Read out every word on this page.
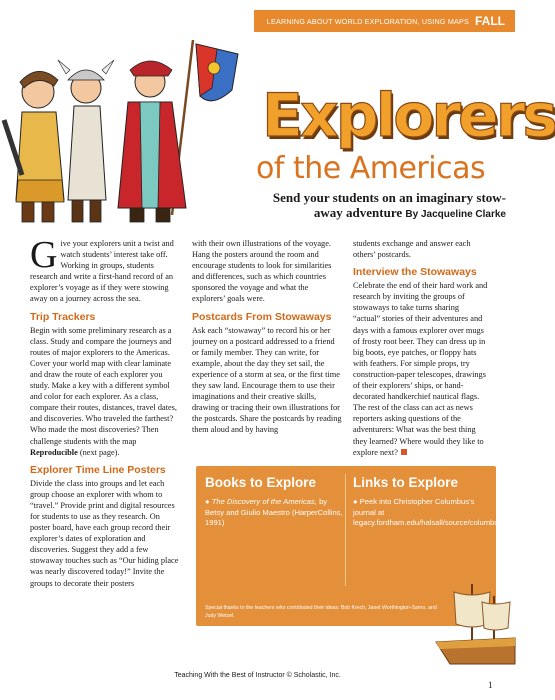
LEARNING ABOUT WORLD EXPLORATION, USING MAPS FALL
Explorers
of the Americas
Send your students on an imaginary stow-away adventure By Jacqueline Clarke

Give your explorers unit a twist and watch students’ interest take off. Working in groups, students research and write a first-hand record of an explorer’s voyage as if they were stowing away on a journey across the sea.

Trip Trackers

Begin with some preliminary research as a class. Study and compare the journeys and routes of major explorers to the Americas. Cover your world map with clear laminate and draw the route of each explorer you study. Make a key with a different symbol and color for each explorer. As a class, compare their routes, distances, travel dates, and discoveries. Who traveled the farthest? Who made the most discoveries? Then challenge students with the map Reproducible (next page).

Explorer Time Line Posters

Divide the class into groups and let each group choose an explorer with whom to “travel.” Provide print and digital resources for students to use as they research. On poster board, have each group record their explorer’s dates of exploration and discoveries. Suggest they add a few stowaway touches such as “Our hiding place was nearly discovered today!” Invite the groups to decorate their posters

with their own illustrations of the voyage. Hang the posters around the room and encourage students to look for similarities and differences, such as which countries sponsored the voyage and what the explorers’ goals were.

Postcards From Stowaways

Ask each “stowaway” to record his or her journey on a postcard addressed to a friend or family member. They can write, for example, about the day they set sail, the experience of a storm at sea, or the first time they saw land. Encourage them to use their imaginations and their creative skills, drawing or tracing their own illustrations for the postcards. Share the postcards by reading them aloud and by having

students exchange and answer each others’ postcards.

Interview the Stowaways

Celebrate the end of their hard work and research by inviting the groups of stowaways to take turns sharing “actual” stories of their adventures and days with a famous explorer over mugs of frosty root beer. They can dress up in big boots, eye patches, or floppy hats with feathers. For simple props, try construction-paper telescopes, drawings of their explorers’ ships, or hand-decorated handkerchief nautical flags. The rest of the class can act as news reporters asking questions of the adventurers: What was the best thing they learned? Where would they like to explore next?

Books to Explore
● The Discovery of the Americas, by Betsy and Giulio Maestro (HarperCollins, 1991)
Links to Explore
● Peek into Christopher Columbus’s journal at legacy.fordham.edu/halsall/source/columbus1.html
Special thanks to the teachers who contributed their ideas: Bob Krech, Janet Worthington-Samo, and Judy Wetzel.
Teaching With the Best of Instructor © Scholastic, Inc.
1
